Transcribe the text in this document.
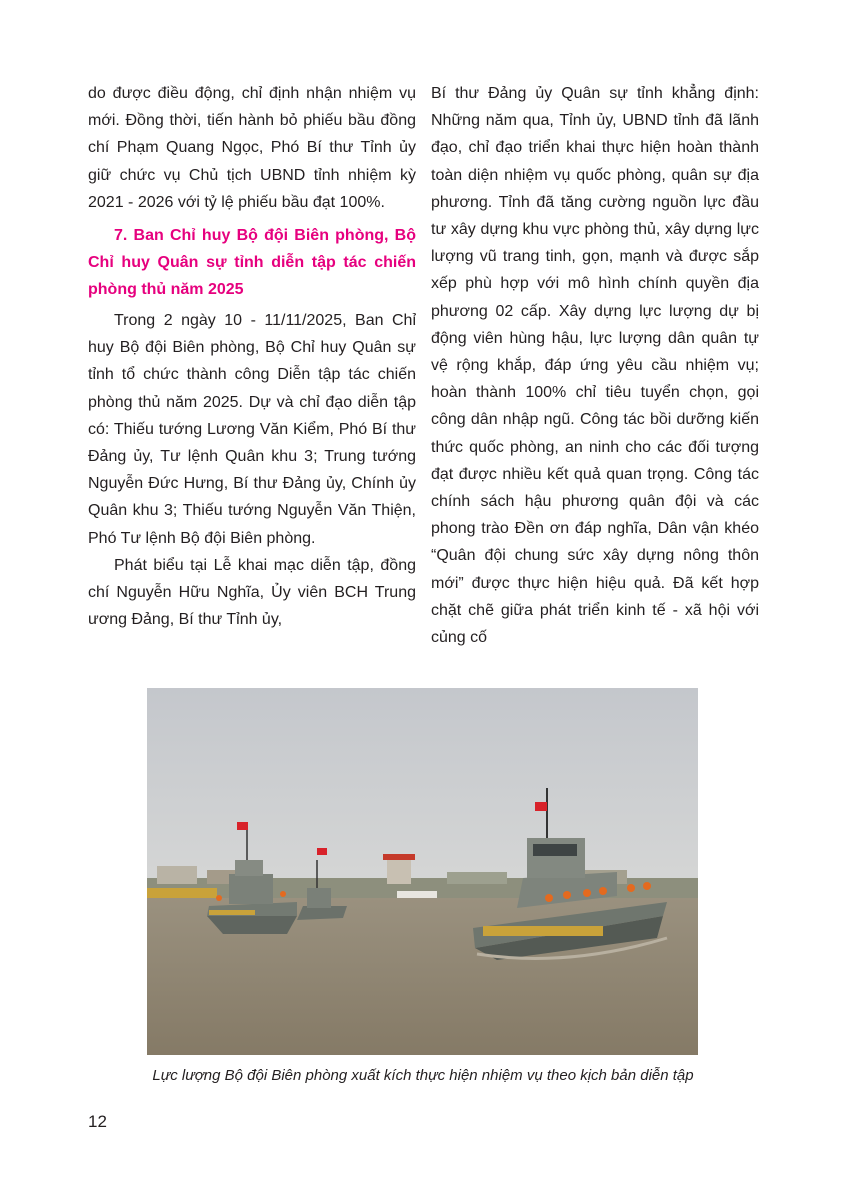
do được điều động, chỉ định nhận nhiệm vụ mới. Đồng thời, tiến hành bỏ phiếu bầu đồng chí Phạm Quang Ngọc, Phó Bí thư Tỉnh ủy giữ chức vụ Chủ tịch UBND tỉnh nhiệm kỳ 2021 - 2026 với tỷ lệ phiếu bầu đạt 100%.

7. Ban Chỉ huy Bộ đội Biên phòng, Bộ Chỉ huy Quân sự tỉnh diễn tập tác chiến phòng thủ năm 2025

Trong 2 ngày 10 - 11/11/2025, Ban Chỉ huy Bộ đội Biên phòng, Bộ Chỉ huy Quân sự tỉnh tổ chức thành công Diễn tập tác chiến phòng thủ năm 2025. Dự và chỉ đạo diễn tập có: Thiếu tướng Lương Văn Kiểm, Phó Bí thư Đảng ủy, Tư lệnh Quân khu 3; Trung tướng Nguyễn Đức Hưng, Bí thư Đảng ủy, Chính ủy Quân khu 3; Thiếu tướng Nguyễn Văn Thiện, Phó Tư lệnh Bộ đội Biên phòng.

Phát biểu tại Lễ khai mạc diễn tập, đồng chí Nguyễn Hữu Nghĩa, Ủy viên BCH Trung ương Đảng, Bí thư Tỉnh ủy,

Bí thư Đảng ủy Quân sự tỉnh khẳng định: Những năm qua, Tỉnh ủy, UBND tỉnh đã lãnh đạo, chỉ đạo triển khai thực hiện hoàn thành toàn diện nhiệm vụ quốc phòng, quân sự địa phương. Tỉnh đã tăng cường nguồn lực đầu tư xây dựng khu vực phòng thủ, xây dựng lực lượng vũ trang tinh, gọn, mạnh và được sắp xếp phù hợp với mô hình chính quyền địa phương 02 cấp. Xây dựng lực lượng dự bị động viên hùng hậu, lực lượng dân quân tự vệ rộng khắp, đáp ứng yêu cầu nhiệm vụ; hoàn thành 100% chỉ tiêu tuyển chọn, gọi công dân nhập ngũ. Công tác bồi dưỡng kiến thức quốc phòng, an ninh cho các đối tượng đạt được nhiều kết quả quan trọng. Công tác chính sách hậu phương quân đội và các phong trào Đền ơn đáp nghĩa, Dân vận khéo “Quân đội chung sức xây dựng nông thôn mới” được thực hiện hiệu quả. Đã kết hợp chặt chẽ giữa phát triển kinh tế - xã hội với củng cố

Lực lượng Bộ đội Biên phòng xuất kích thực hiện nhiệm vụ theo kịch bản diễn tập
12
